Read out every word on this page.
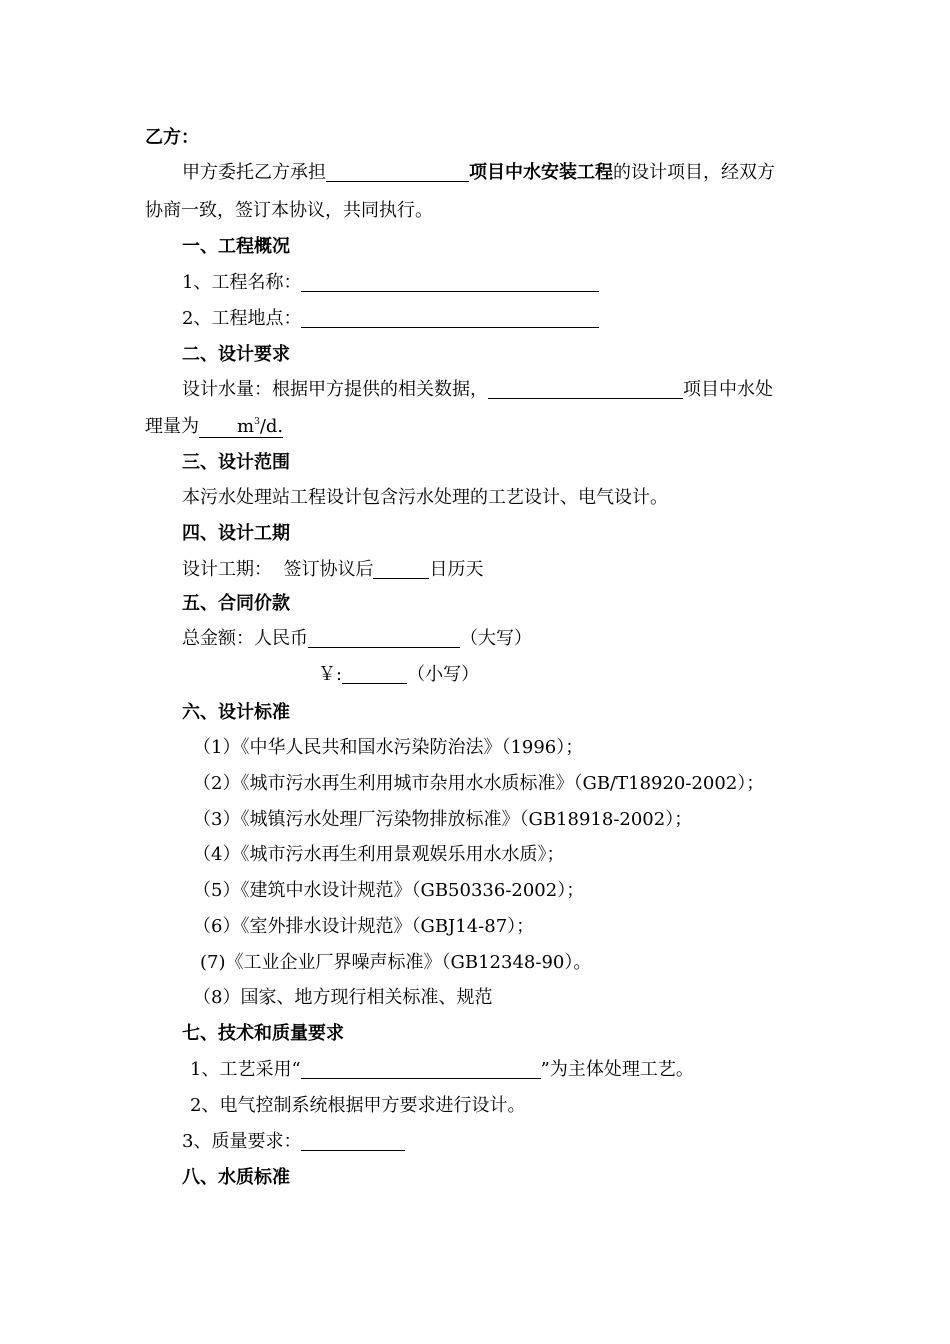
乙方：
甲方委托乙方承担	项目中水安装工程的设计项目，经双方
协商一致，签订本协议，共同执行。
一、工程概况
1、工程名称：
2、工程地点：
二、设计要求
设计水量：根据甲方提供的相关数据，	项目中水处
理量为 $m^3/d$.
三、设计范围
本污水处理站工程设计包含污水处理的工艺设计、电气设计。
四、设计工期
设计工期：  签订协议后	日历天
五、合同价款
总金额：人民币	（大写）
￥:	（小写）
六、设计标准
（1）《中华人民共和国水污染防治法》（1996）；
（2）《城市污水再生利用城市杂用水水质标准》（GB/T18920-2002）；
（3）《城镇污水处理厂污染物排放标准》（GB18918-2002）；
（4）《城市污水再生利用景观娱乐用水水质》；
（5）《建筑中水设计规范》（GB50336-2002）；
（6）《室外排水设计规范》（GBJ14-87）；
(7)《工业企业厂界噪声标准》（GB12348-90）。
（8）国家、地方现行相关标准、规范
七、技术和质量要求
1、工艺采用“	”为主体处理工艺。
2、电气控制系统根据甲方要求进行设计。
3、质量要求：
八、水质标准
